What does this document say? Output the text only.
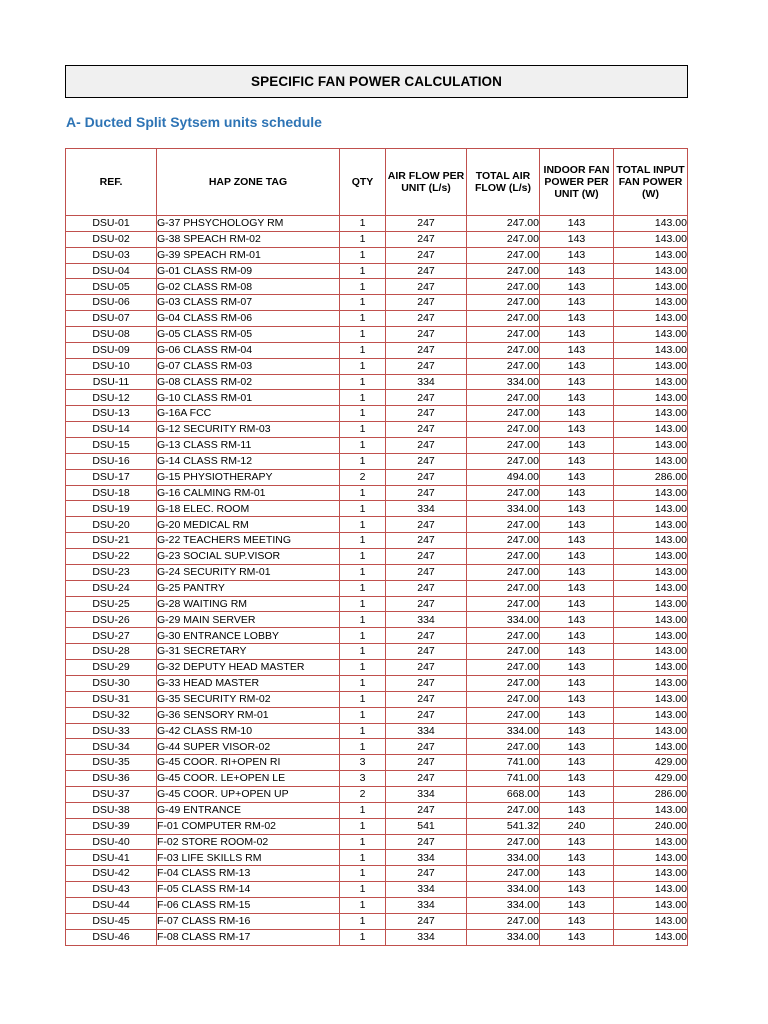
SPECIFIC FAN POWER CALCULATION
A- Ducted Split Sytsem units schedule
REF.	HAP ZONE TAG	QTY	AIR FLOW PER UNIT (L/s)	TOTAL AIR FLOW (L/s)	INDOOR FAN POWER PER UNIT (W)	TOTAL INPUT FAN POWER (W)
DSU-01	G-37 PHSYCHOLOGY RM	1	247	247.00	143	143.00
DSU-02	G-38 SPEACH RM-02	1	247	247.00	143	143.00
DSU-03	G-39 SPEACH RM-01	1	247	247.00	143	143.00
DSU-04	G-01 CLASS RM-09	1	247	247.00	143	143.00
DSU-05	G-02 CLASS RM-08	1	247	247.00	143	143.00
DSU-06	G-03 CLASS RM-07	1	247	247.00	143	143.00
DSU-07	G-04 CLASS RM-06	1	247	247.00	143	143.00
DSU-08	G-05 CLASS RM-05	1	247	247.00	143	143.00
DSU-09	G-06 CLASS RM-04	1	247	247.00	143	143.00
DSU-10	G-07 CLASS RM-03	1	247	247.00	143	143.00
DSU-11	G-08 CLASS RM-02	1	334	334.00	143	143.00
DSU-12	G-10 CLASS RM-01	1	247	247.00	143	143.00
DSU-13	G-16A FCC	1	247	247.00	143	143.00
DSU-14	G-12 SECURITY RM-03	1	247	247.00	143	143.00
DSU-15	G-13 CLASS RM-11	1	247	247.00	143	143.00
DSU-16	G-14 CLASS RM-12	1	247	247.00	143	143.00
DSU-17	G-15 PHYSIOTHERAPY	2	247	494.00	143	286.00
DSU-18	G-16 CALMING RM-01	1	247	247.00	143	143.00
DSU-19	G-18 ELEC. ROOM	1	334	334.00	143	143.00
DSU-20	G-20 MEDICAL RM	1	247	247.00	143	143.00
DSU-21	G-22 TEACHERS MEETING	1	247	247.00	143	143.00
DSU-22	G-23 SOCIAL SUP.VISOR	1	247	247.00	143	143.00
DSU-23	G-24 SECURITY RM-01	1	247	247.00	143	143.00
DSU-24	G-25 PANTRY	1	247	247.00	143	143.00
DSU-25	G-28 WAITING RM	1	247	247.00	143	143.00
DSU-26	G-29 MAIN SERVER	1	334	334.00	143	143.00
DSU-27	G-30 ENTRANCE LOBBY	1	247	247.00	143	143.00
DSU-28	G-31 SECRETARY	1	247	247.00	143	143.00
DSU-29	G-32 DEPUTY HEAD MASTER	1	247	247.00	143	143.00
DSU-30	G-33 HEAD MASTER	1	247	247.00	143	143.00
DSU-31	G-35 SECURITY RM-02	1	247	247.00	143	143.00
DSU-32	G-36 SENSORY RM-01	1	247	247.00	143	143.00
DSU-33	G-42 CLASS RM-10	1	334	334.00	143	143.00
DSU-34	G-44 SUPER VISOR-02	1	247	247.00	143	143.00
DSU-35	G-45 COOR. RI+OPEN RI	3	247	741.00	143	429.00
DSU-36	G-45 COOR. LE+OPEN LE	3	247	741.00	143	429.00
DSU-37	G-45 COOR. UP+OPEN UP	2	334	668.00	143	286.00
DSU-38	G-49 ENTRANCE	1	247	247.00	143	143.00
DSU-39	F-01 COMPUTER RM-02	1	541	541.32	240	240.00
DSU-40	F-02 STORE ROOM-02	1	247	247.00	143	143.00
DSU-41	F-03 LIFE SKILLS RM	1	334	334.00	143	143.00
DSU-42	F-04 CLASS RM-13	1	247	247.00	143	143.00
DSU-43	F-05 CLASS RM-14	1	334	334.00	143	143.00
DSU-44	F-06 CLASS RM-15	1	334	334.00	143	143.00
DSU-45	F-07 CLASS RM-16	1	247	247.00	143	143.00
DSU-46	F-08 CLASS RM-17	1	334	334.00	143	143.00
